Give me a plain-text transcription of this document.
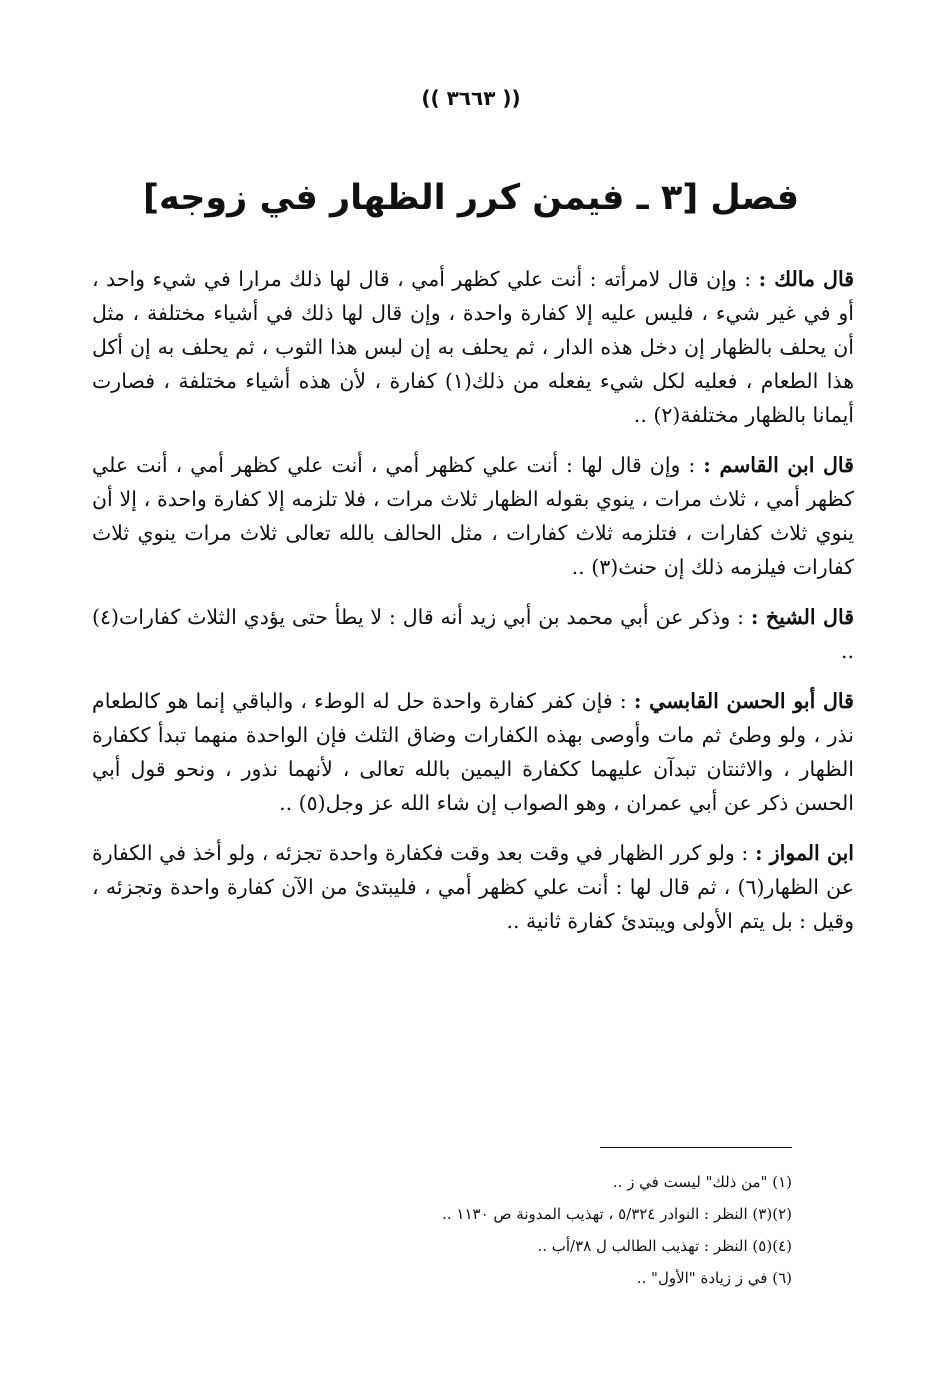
(( ٣٦٦٣ ))
فصل [٣ ـ فيمن كرر الظهار في زوجه]

قال مالك : : وإن قال لامرأته : أنت علي كظهر أمي ، قال لها ذلك مرارا في شيء واحد ، أو في غير شيء ، فليس عليه إلا كفارة واحدة ، وإن قال لها ذلك في أشياء مختلفة ، مثل أن يحلف بالظهار إن دخل هذه الدار ، ثم يحلف به إن لبس هذا الثوب ، ثم يحلف به إن أكل هذا الطعام ، فعليه لكل شيء يفعله من ذلك(١) كفارة ، لأن هذه أشياء مختلفة ، فصارت أيمانا بالظهار مختلفة(٢) ..

قال ابن القاسم : : وإن قال لها : أنت علي كظهر أمي ، أنت علي كظهر أمي ، أنت علي كظهر أمي ، ثلاث مرات ، ينوي بقوله الظهار ثلاث مرات ، فلا تلزمه إلا كفارة واحدة ، إلا أن ينوي ثلاث كفارات ، فتلزمه ثلاث كفارات ، مثل الحالف بالله تعالى ثلاث مرات ينوي ثلاث كفارات فيلزمه ذلك إن حنث(٣) ..

قال الشيخ : : وذكر عن أبي محمد بن أبي زيد أنه قال : لا يطأ حتى يؤدي الثلاث كفارات(٤) ..

قال أبو الحسن القابسي : : فإن كفر كفارة واحدة حل له الوطء ، والباقي إنما هو كالطعام نذر ، ولو وطئ ثم مات وأوصى بهذه الكفارات وضاق الثلث فإن الواحدة منهما تبدأ ككفارة الظهار ، والاثنتان تبدآن عليهما ككفارة اليمين بالله تعالى ، لأنهما نذور ، ونحو قول أبي الحسن ذكر عن أبي عمران ، وهو الصواب إن شاء الله عز وجل(٥) ..

ابن المواز : : ولو كرر الظهار في وقت بعد وقت فكفارة واحدة تجزئه ، ولو أخذ في الكفارة عن الظهار(٦) ، ثم قال لها : أنت علي كظهر أمي ، فليبتدئ من الآن كفارة واحدة وتجزئه ، وقيل : بل يتم الأولى ويبتدئ كفارة ثانية ..

(١) "من ذلك" ليست في ز ..
(٢)(٣) النظر : النوادر ٥/٣٢٤ ، تهذيب المدونة ص ١١٣٠ ..
(٤)(٥) النظر : تهذيب الطالب ل ٣٨/أب ..
(٦) في ز زيادة "الأول" ..
